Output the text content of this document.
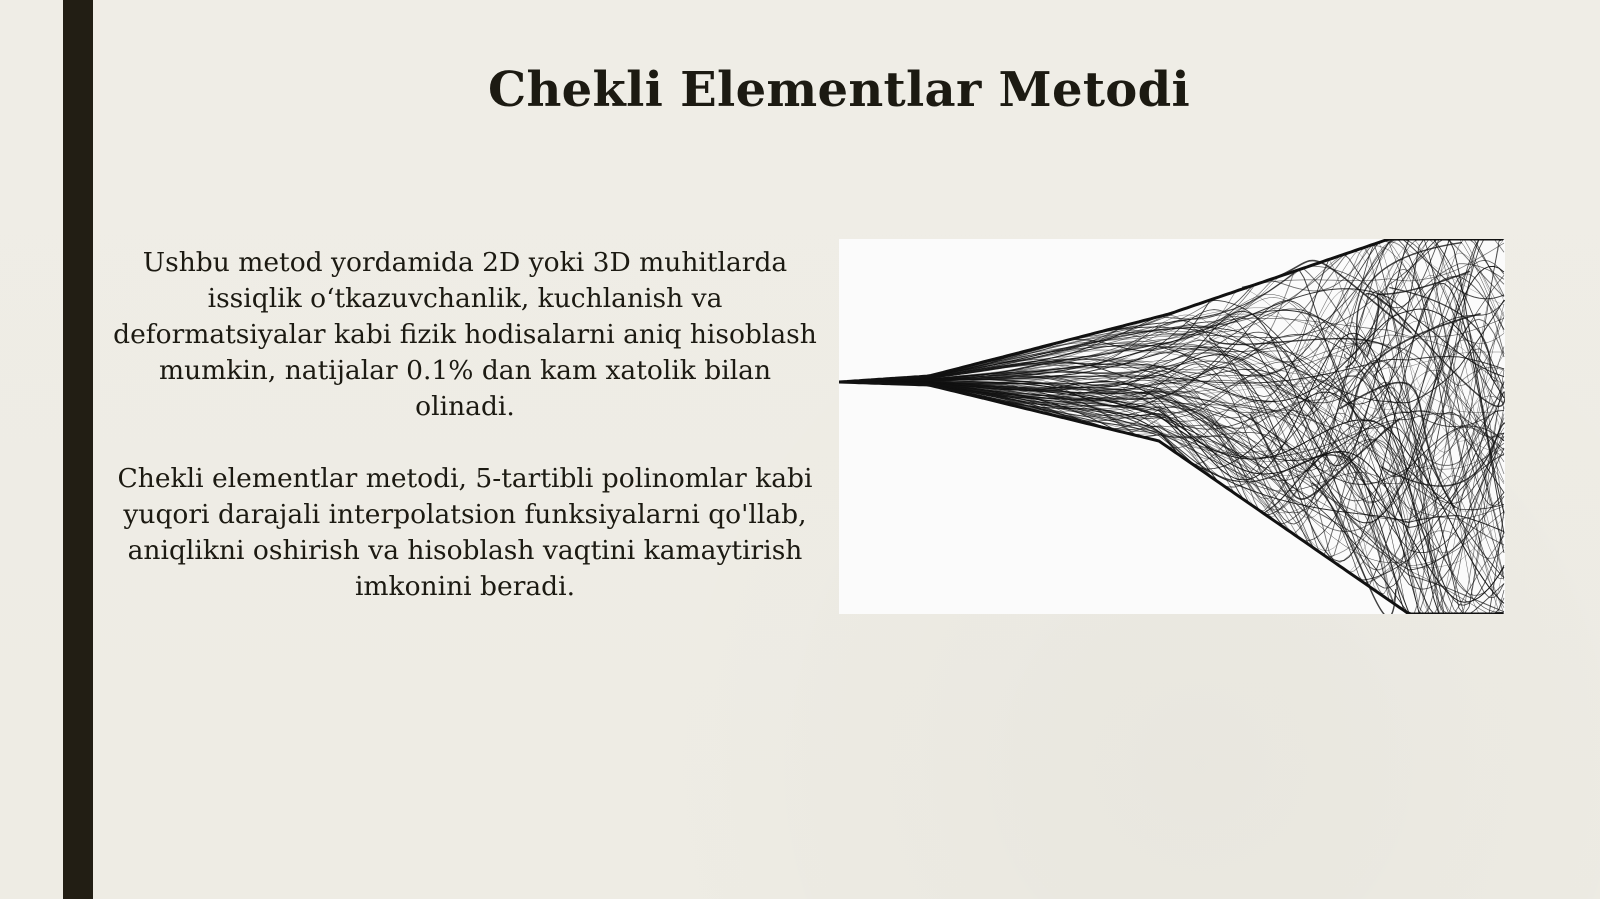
Chekli Elementlar Metodi

Ushbu metod yordamida 2D yoki 3D muhitlarda issiqlik o‘tkazuvchanlik, kuchlanish va deformatsiyalar kabi fizik hodisalarni aniq hisoblash mumkin, natijalar 0.1% dan kam xatolik bilan olinadi.

Chekli elementlar metodi, 5-tartibli polinomlar kabi yuqori darajali interpolatsion funksiyalarni qo'llab, aniqlikni oshirish va hisoblash vaqtini kamaytirish imkonini beradi.
